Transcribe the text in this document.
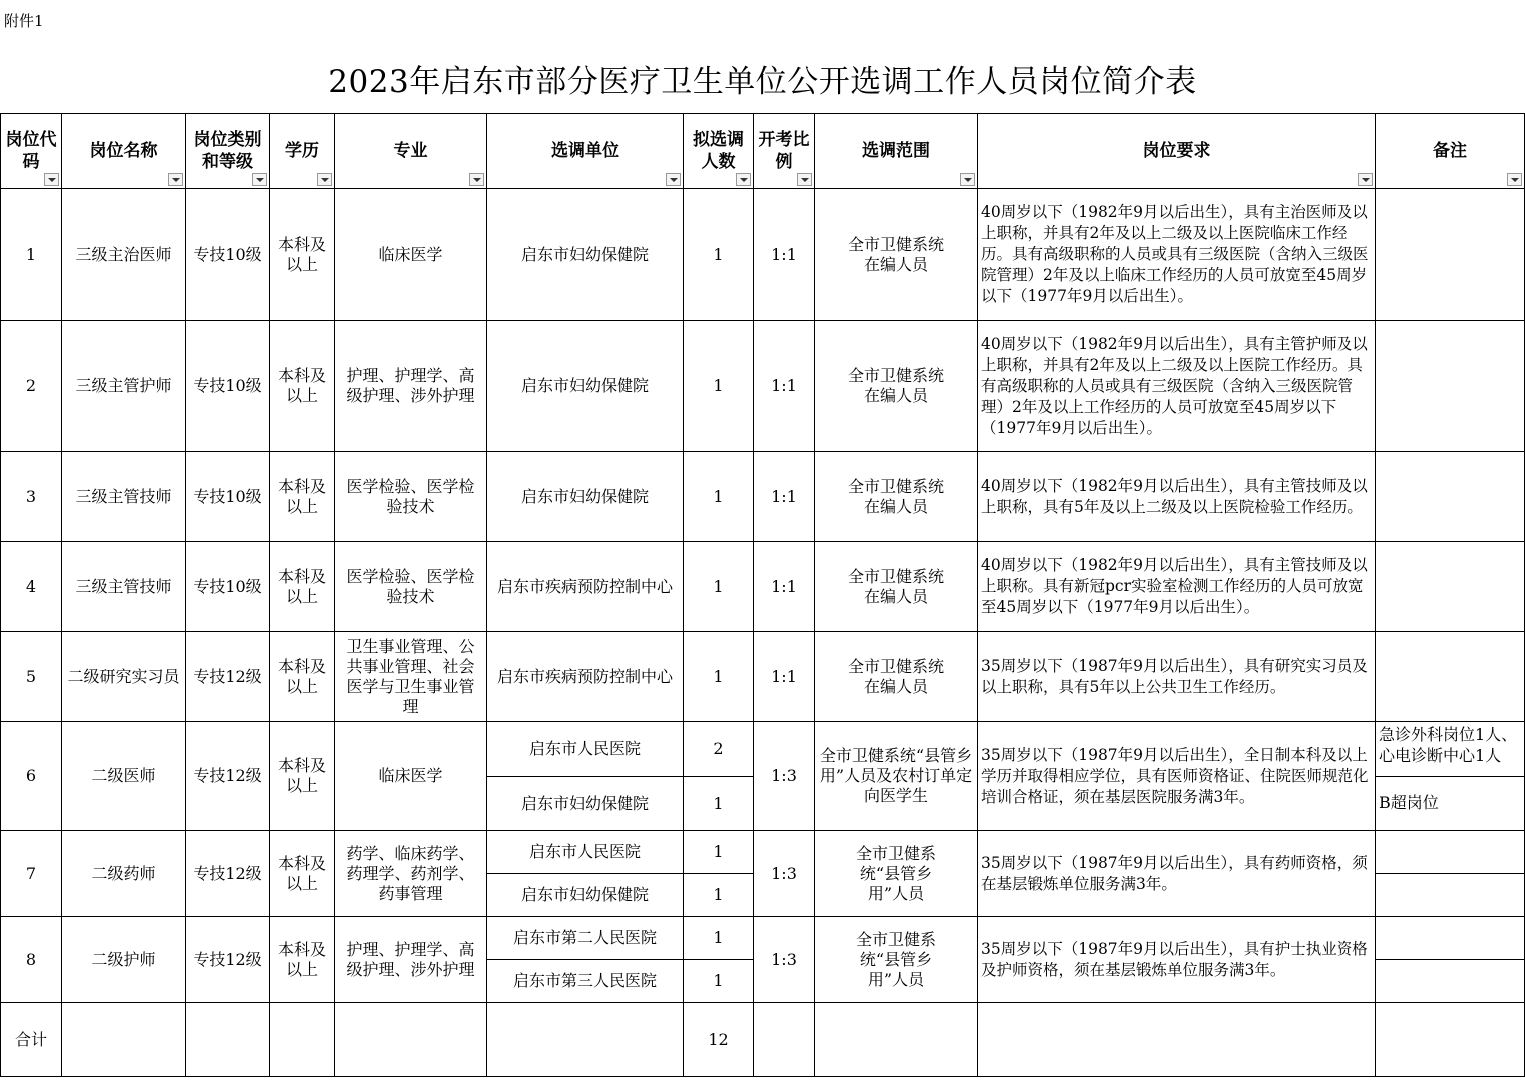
附件1
2023年启东市部分医疗卫生单位公开选调工作人员岗位简介表
岗位代码	岗位名称	岗位类别和等级	学历	专业	选调单位	拟选调人数	开考比例	选调范围	岗位要求	备注

1	三级主治医师	专技10级	本科及以上	临床医学	启东市妇幼保健院	1	1:1	全市卫健系统在编人员	40周岁以下（1982年9月以后出生），具有主治医师及以上职称，并具有2年及以上二级及以上医院临床工作经历。具有高级职称的人员或具有三级医院（含纳入三级医院管理）2年及以上临床工作经历的人员可放宽至45周岁以下（1977年9月以后出生）。	
2	三级主管护师	专技10级	本科及以上	护理、护理学、高级护理、涉外护理	启东市妇幼保健院	1	1:1	全市卫健系统在编人员	40周岁以下（1982年9月以后出生），具有主管护师及以上职称，并具有2年及以上二级及以上医院工作经历。具有高级职称的人员或具有三级医院（含纳入三级医院管理）2年及以上工作经历的人员可放宽至45周岁以下（1977年9月以后出生）。	
3	三级主管技师	专技10级	本科及以上	医学检验、医学检验技术	启东市妇幼保健院	1	1:1	全市卫健系统在编人员	40周岁以下（1982年9月以后出生），具有主管技师及以上职称，具有5年及以上二级及以上医院检验工作经历。	
4	三级主管技师	专技10级	本科及以上	医学检验、医学检验技术	启东市疾病预防控制中心	1	1:1	全市卫健系统在编人员	40周岁以下（1982年9月以后出生），具有主管技师及以上职称。具有新冠pcr实验室检测工作经历的人员可放宽至45周岁以下（1977年9月以后出生）。	
5	二级研究实习员	专技12级	本科及以上	卫生事业管理、公共事业管理、社会医学与卫生事业管理	启东市疾病预防控制中心	1	1:1	全市卫健系统在编人员	35周岁以下（1987年9月以后出生），具有研究实习员及以上职称，具有5年以上公共卫生工作经历。	
6	二级医师	专技12级	本科及以上	临床医学	启东市人民医院	2	1:3	全市卫健系统“县管乡用”人员及农村订单定向医学生	35周岁以下（1987年9月以后出生），全日制本科及以上学历并取得相应学位，具有医师资格证、住院医师规范化培训合格证，须在基层医院服务满3年。	急诊外科岗位1人、心电诊断中心1人

					启东市妇幼保健院	1				B超岗位

7	二级药师	专技12级	本科及以上	药学、临床药学、药理学、药剂学、药事管理	启东市人民医院	1	1:3	全市卫健系统“县管乡用”人员	35周岁以下（1987年9月以后出生），具有药师资格，须在基层锻炼单位服务满3年。	
					启东市妇幼保健院	1				
8	二级护师	专技12级	本科及以上	护理、护理学、高级护理、涉外护理	启东市第二人民医院	1	1:3	全市卫健系统“县管乡用”人员	35周岁以下（1987年9月以后出生），具有护士执业资格及护师资格，须在基层锻炼单位服务满3年。	
					启东市第三人民医院	1				
合计						12				
